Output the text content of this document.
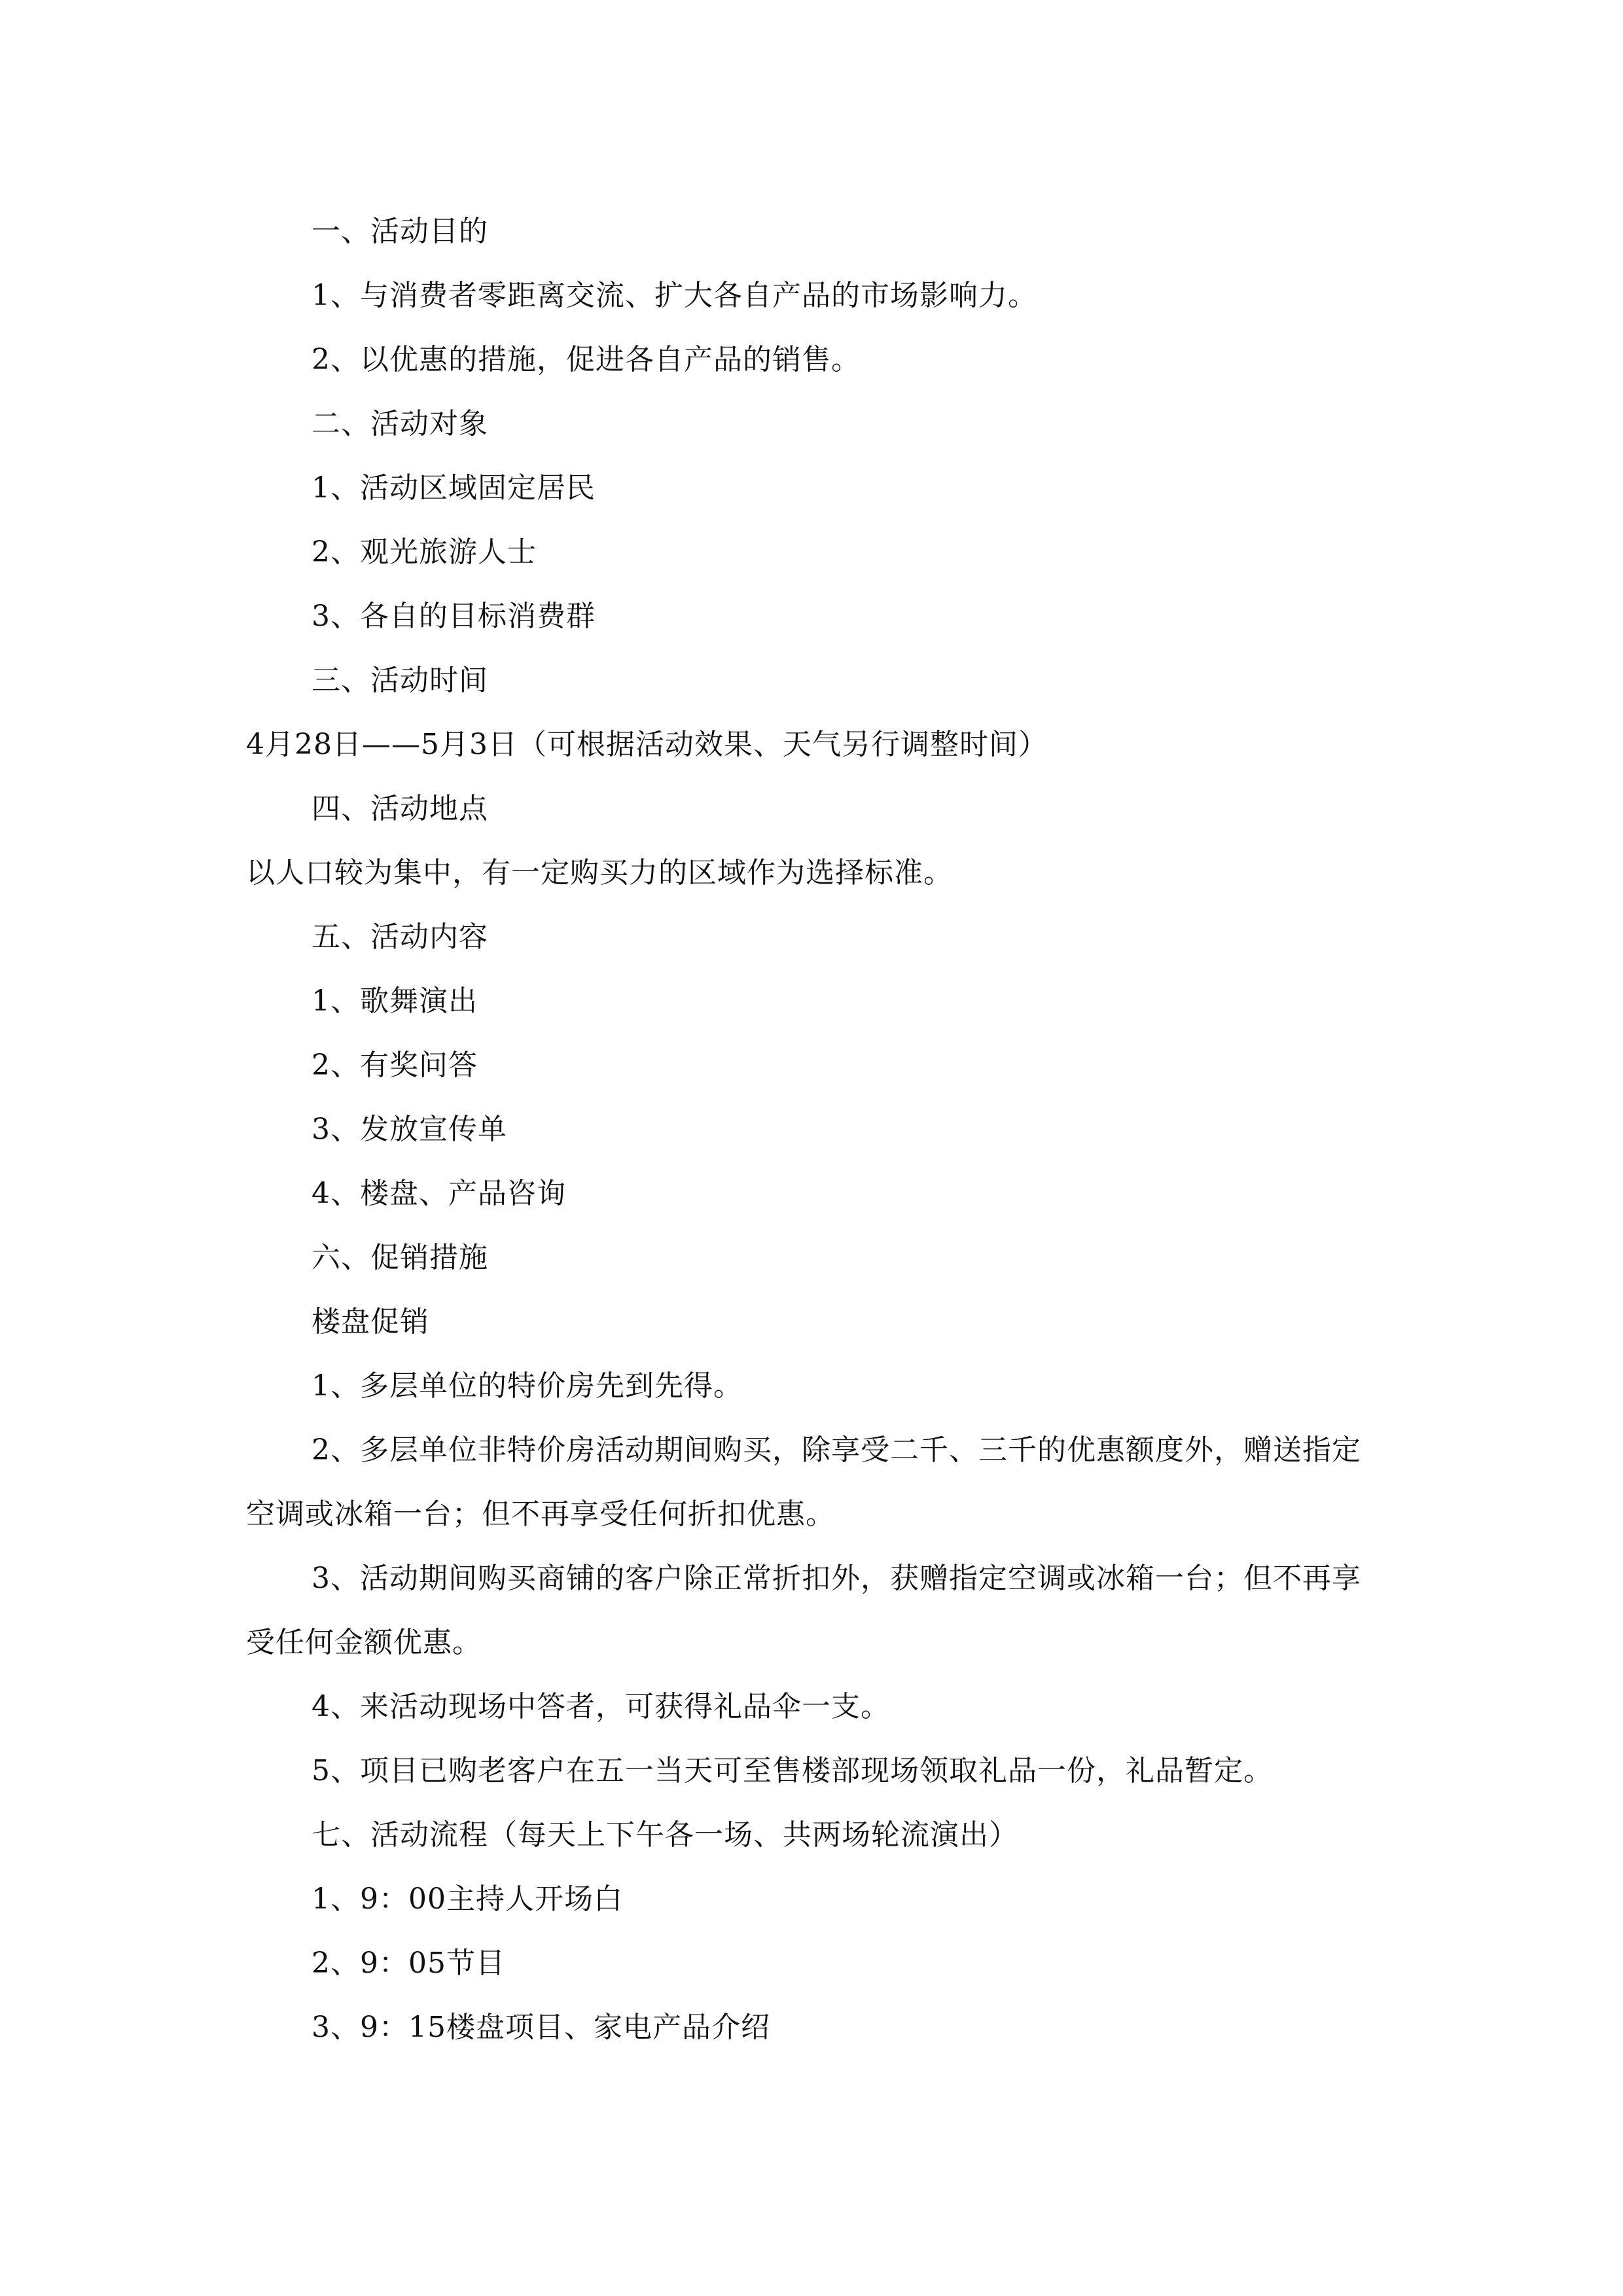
一、活动目的
1、与消费者零距离交流、扩大各自产品的市场影响力。
2、以优惠的措施，促进各自产品的销售。
二、活动对象
1、活动区域固定居民
2、观光旅游人士
3、各自的目标消费群
三、活动时间
4月28日——5月3日（可根据活动效果、天气另行调整时间）
四、活动地点
以人口较为集中，有一定购买力的区域作为选择标准。
五、活动内容
1、歌舞演出
2、有奖问答
3、发放宣传单
4、楼盘、产品咨询
六、促销措施
楼盘促销
1、多层单位的特价房先到先得。
2、多层单位非特价房活动期间购买，除享受二千、三千的优惠额度外，赠送指定空调或冰箱一台；但不再享受任何折扣优惠。
3、活动期间购买商铺的客户除正常折扣外，获赠指定空调或冰箱一台；但不再享受任何金额优惠。
4、来活动现场中答者，可获得礼品伞一支。
5、项目已购老客户在五一当天可至售楼部现场领取礼品一份，礼品暂定。
七、活动流程（每天上下午各一场、共两场轮流演出）
1、9：00主持人开场白
2、9：05节目
3、9：15楼盘项目、家电产品介绍
